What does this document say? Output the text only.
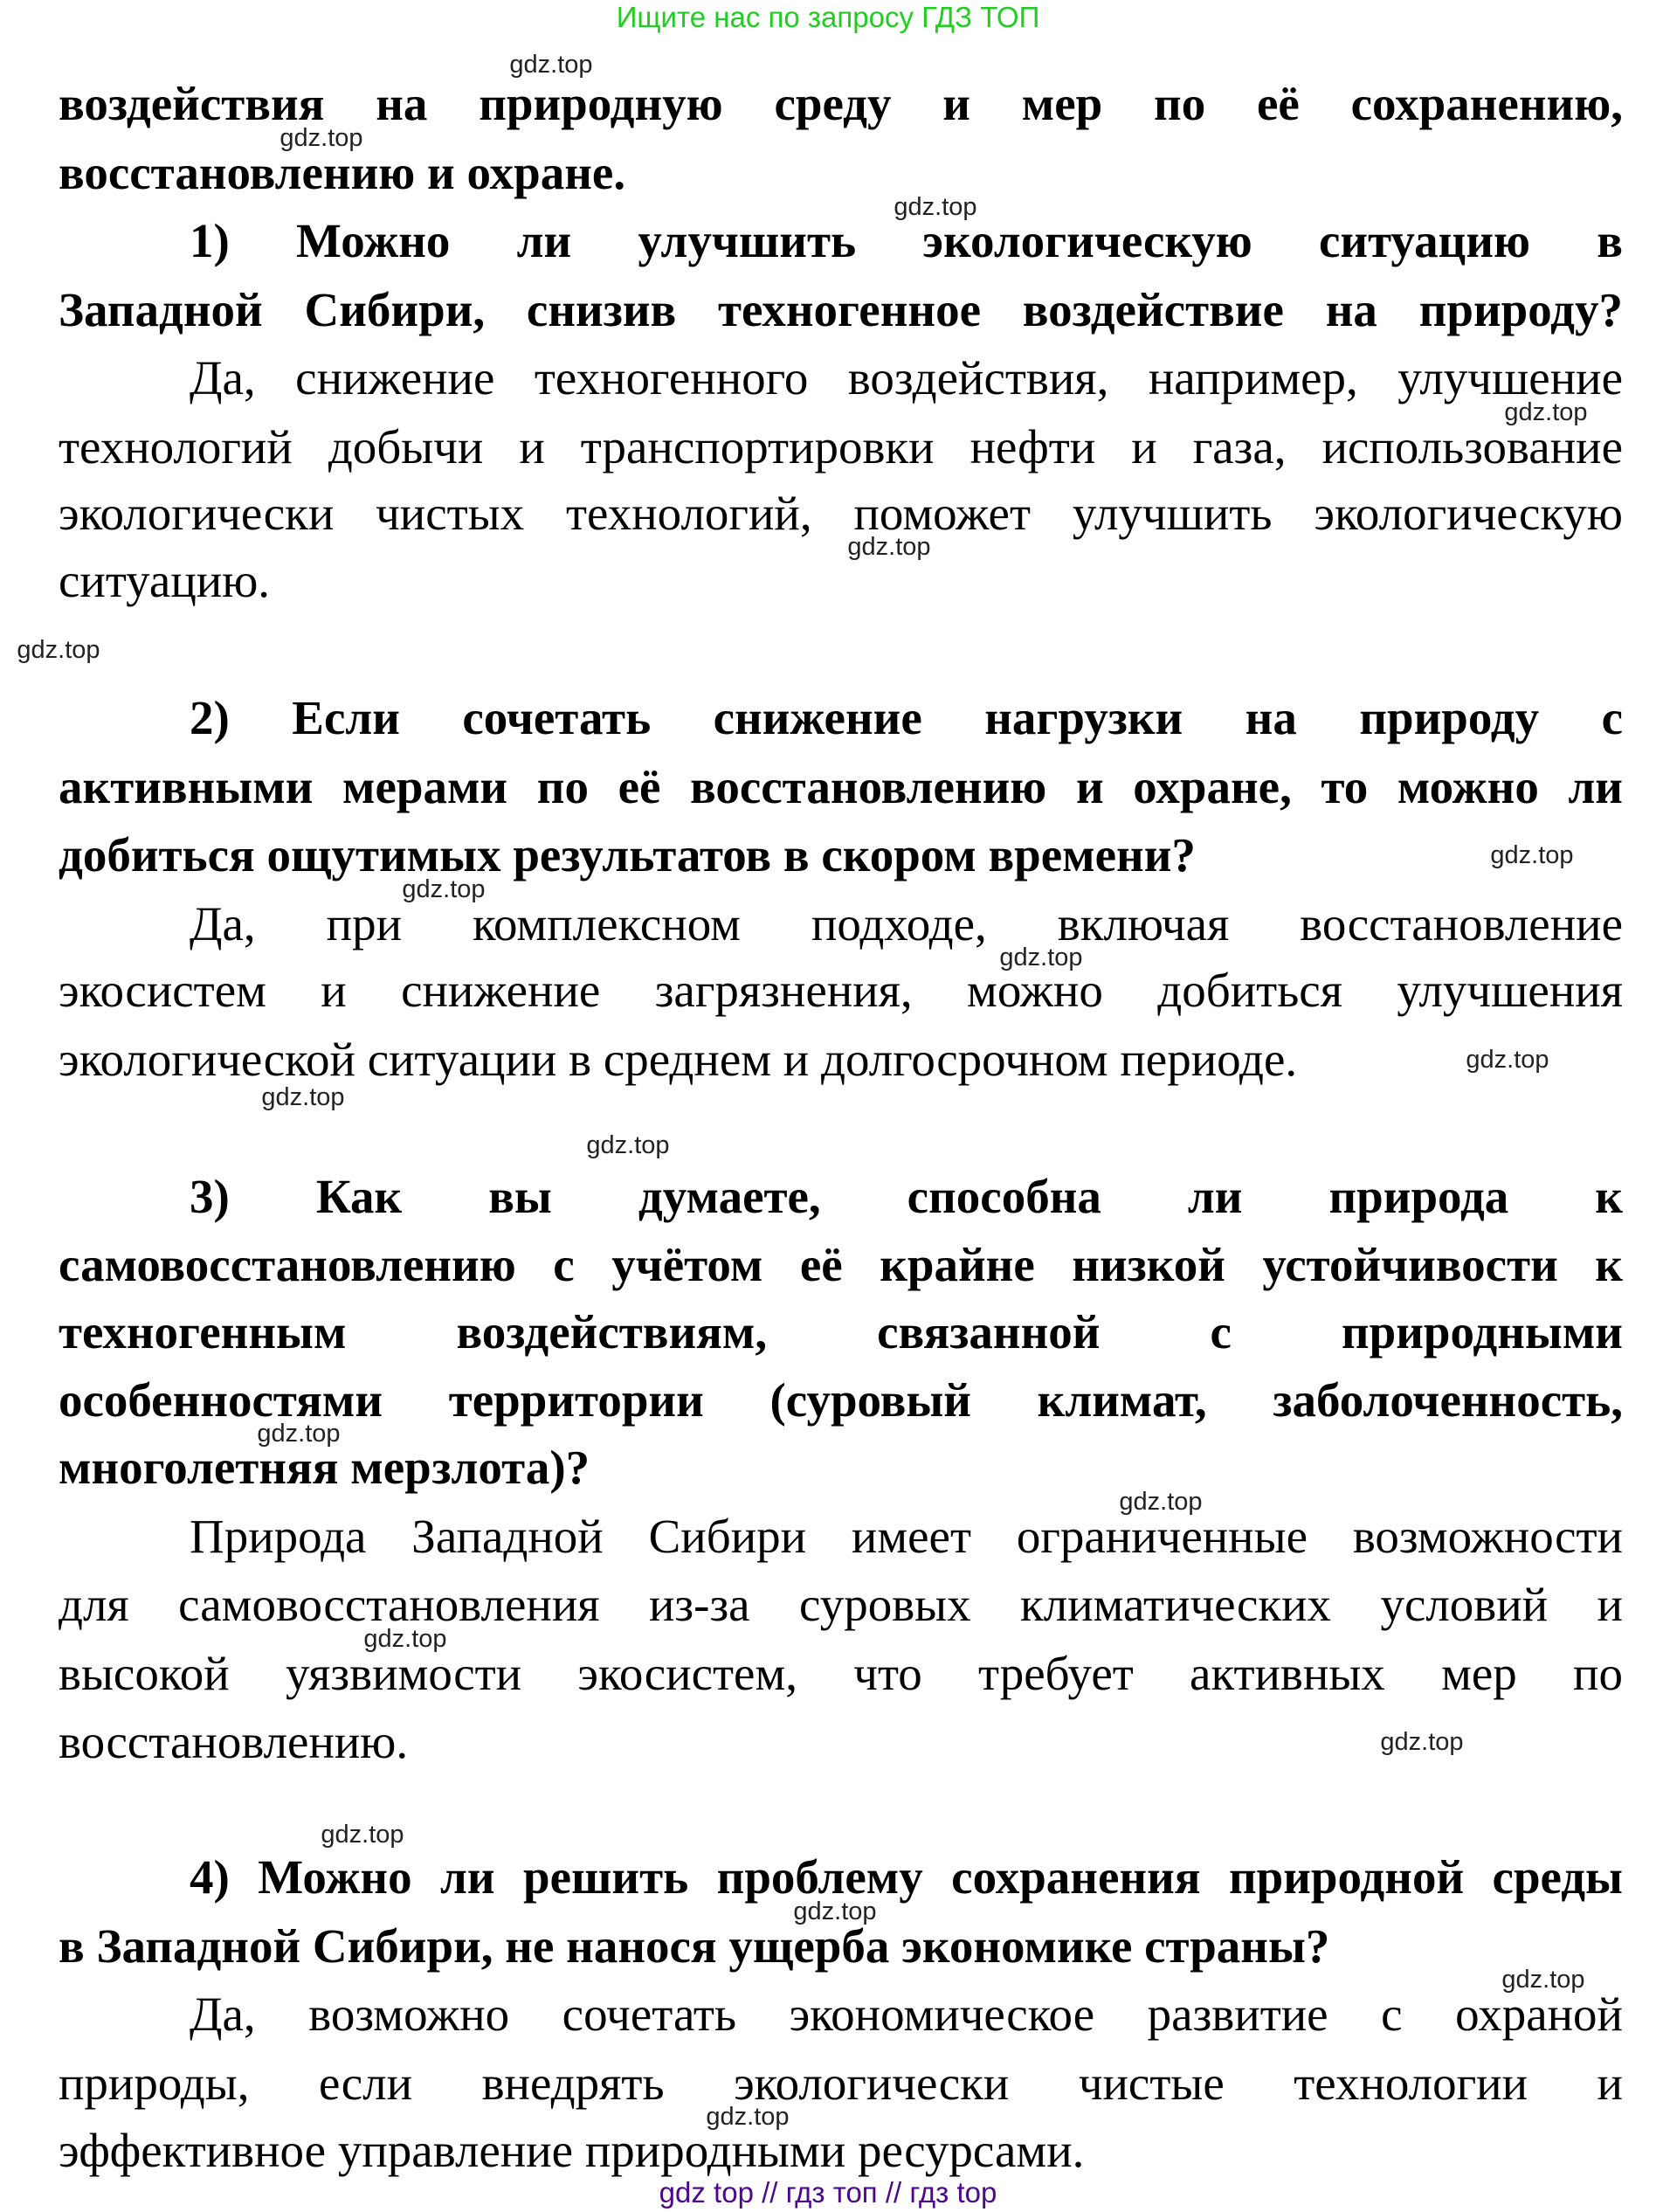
Ищите нас по запросу ГДЗ ТОП
воздействия на природную среду и мер по её сохранению,
восстановлению и охране.
1) Можно ли улучшить экологическую ситуацию в
Западной Сибири, снизив техногенное воздействие на природу?
Да, снижение техногенного воздействия, например, улучшение
технологий добычи и транспортировки нефти и газа, использование
экологически чистых технологий, поможет улучшить экологическую
ситуацию.
2) Если сочетать снижение нагрузки на природу с
активными мерами по её восстановлению и охране, то можно ли
добиться ощутимых результатов в скором времени?
Да, при комплексном подходе, включая восстановление
экосистем и снижение загрязнения, можно добиться улучшения
экологической ситуации в среднем и долгосрочном периоде.
3) Как вы думаете, способна ли природа к
самовосстановлению с учётом её крайне низкой устойчивости к
техногенным воздействиям, связанной с природными
особенностями территории (суровый климат, заболоченность,
многолетняя мерзлота)?
Природа Западной Сибири имеет ограниченные возможности
для самовосстановления из-за суровых климатических условий и
высокой уязвимости экосистем, что требует активных мер по
восстановлению.
4) Можно ли решить проблему сохранения природной среды
в Западной Сибири, не нанося ущерба экономике страны?
Да, возможно сочетать экономическое развитие с охраной
природы, если внедрять экологически чистые технологии и
эффективное управление природными ресурсами.
gdz.top
gdz.top
gdz.top
gdz.top
gdz.top
gdz.top
gdz.top
gdz.top
gdz.top
gdz.top
gdz.top
gdz.top
gdz.top
gdz.top
gdz.top
gdz.top
gdz.top
gdz.top
gdz.top
gdz.top
gdz top // гдз топ // гдз top
